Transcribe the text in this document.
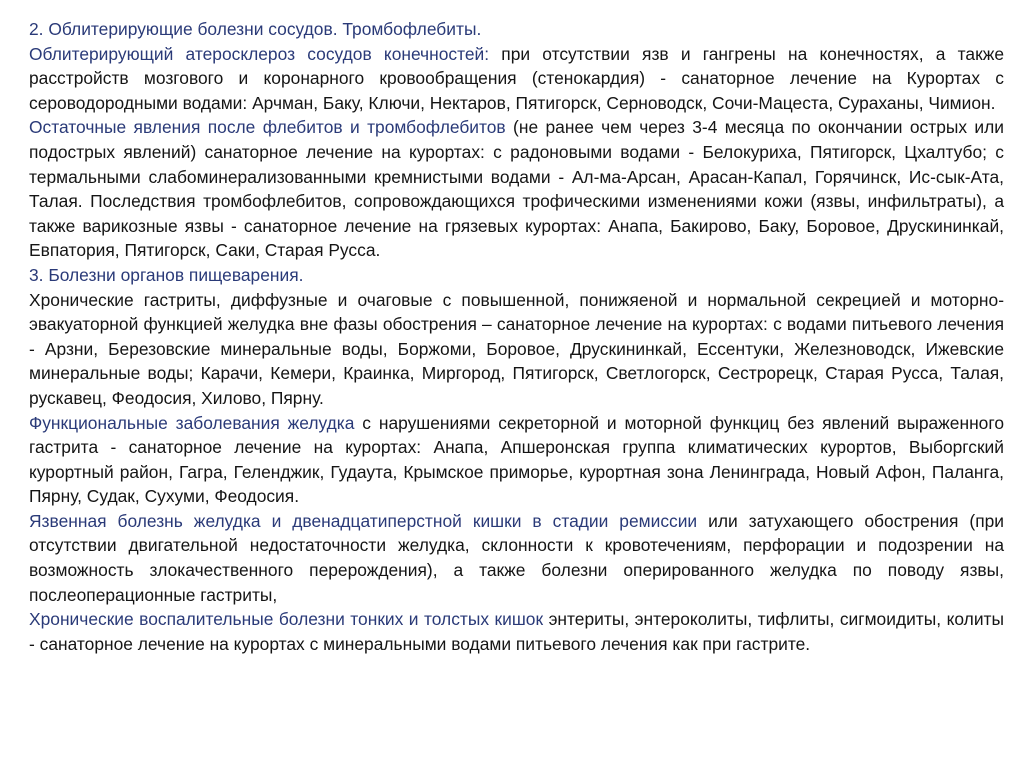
2. Облитерирующие болезни сосудов. Тромбофлебиты.

Облитерирующий атеросклероз сосудов конечностей: при отсутствии язв и гангрены на конечностях, а также расстройств мозгового и коронарного кровообращения (стенокардия) - санаторное лечение на Курортах с сероводородными водами: Арчман, Баку, Ключи, Нектаров, Пятигорск, Серноводск, Сочи-Мацеста, Сураханы, Чимион.

Остаточные явления после флебитов и тромбофлебитов (не ранее чем через 3-4 месяца по окончании острых или подострых явлений) санаторное лечение на курортах: с радоновыми водами - Белокуриха, Пятигорск, Цхалтубо; с термальными слабоминерализованными кремнистыми водами - Ал-ма-Арсан, Арасан-Капал, Горячинск, Ис-сык-Ата, Талая. Последствия тромбофлебитов, сопровождающихся трофическими изменениями кожи (язвы, инфильтраты), а также варикозные язвы - санаторное лечение на грязевых курортах: Анапа, Бакирово, Баку, Боровое, Друскининкай, Евпатория, Пятигорск, Саки, Старая Русса.

3. Болезни органов пищеварения.

Хронические гастриты, диффузные и очаговые с повышенной, понижяеной и нормальной секрецией и моторно-эвакуаторной функцией желудка вне фазы обострения – санаторное лечение на курортах: с водами питьевого лечения - Арзни, Березовские минеральные воды, Боржоми, Боровое, Друскининкай, Ессентуки, Железноводск, Ижевские минеральные воды; Карачи, Кемери, Краинка, Миргород, Пятигорск, Светлогорск, Сестрорецк, Старая Русса, Талая, рускавец, Феодосия, Хилово, Пярну.

Функциональные заболевания желудка с нарушениями секреторной и моторной функциц без явлений выраженного гастрита - санаторное лечение на курортах: Анапа, Апшеронская группа климатических курортов, Выборгский курортный район, Гагра, Геленджик, Гудаута, Крымское приморье, курортная зона Ленинграда, Новый Афон, Паланга, Пярну, Судак, Сухуми, Феодосия.

Язвенная болезнь желудка и двенадцатиперстной кишки в стадии ремиссии или затухающего обострения (при отсутствии двигательной недостаточности желудка, склонности к кровотечениям, перфорации и подозрении на возможность злокачественного перерождения), а также болезни оперированного желудка по поводу язвы, послеоперационные гастриты,

Хронические воспалительные болезни тонких и толстых кишок энтериты, энтероколиты, тифлиты, сигмоидиты, колиты - санаторное лечение на курортах с минеральными водами питьевого лечения как при гастрите.
